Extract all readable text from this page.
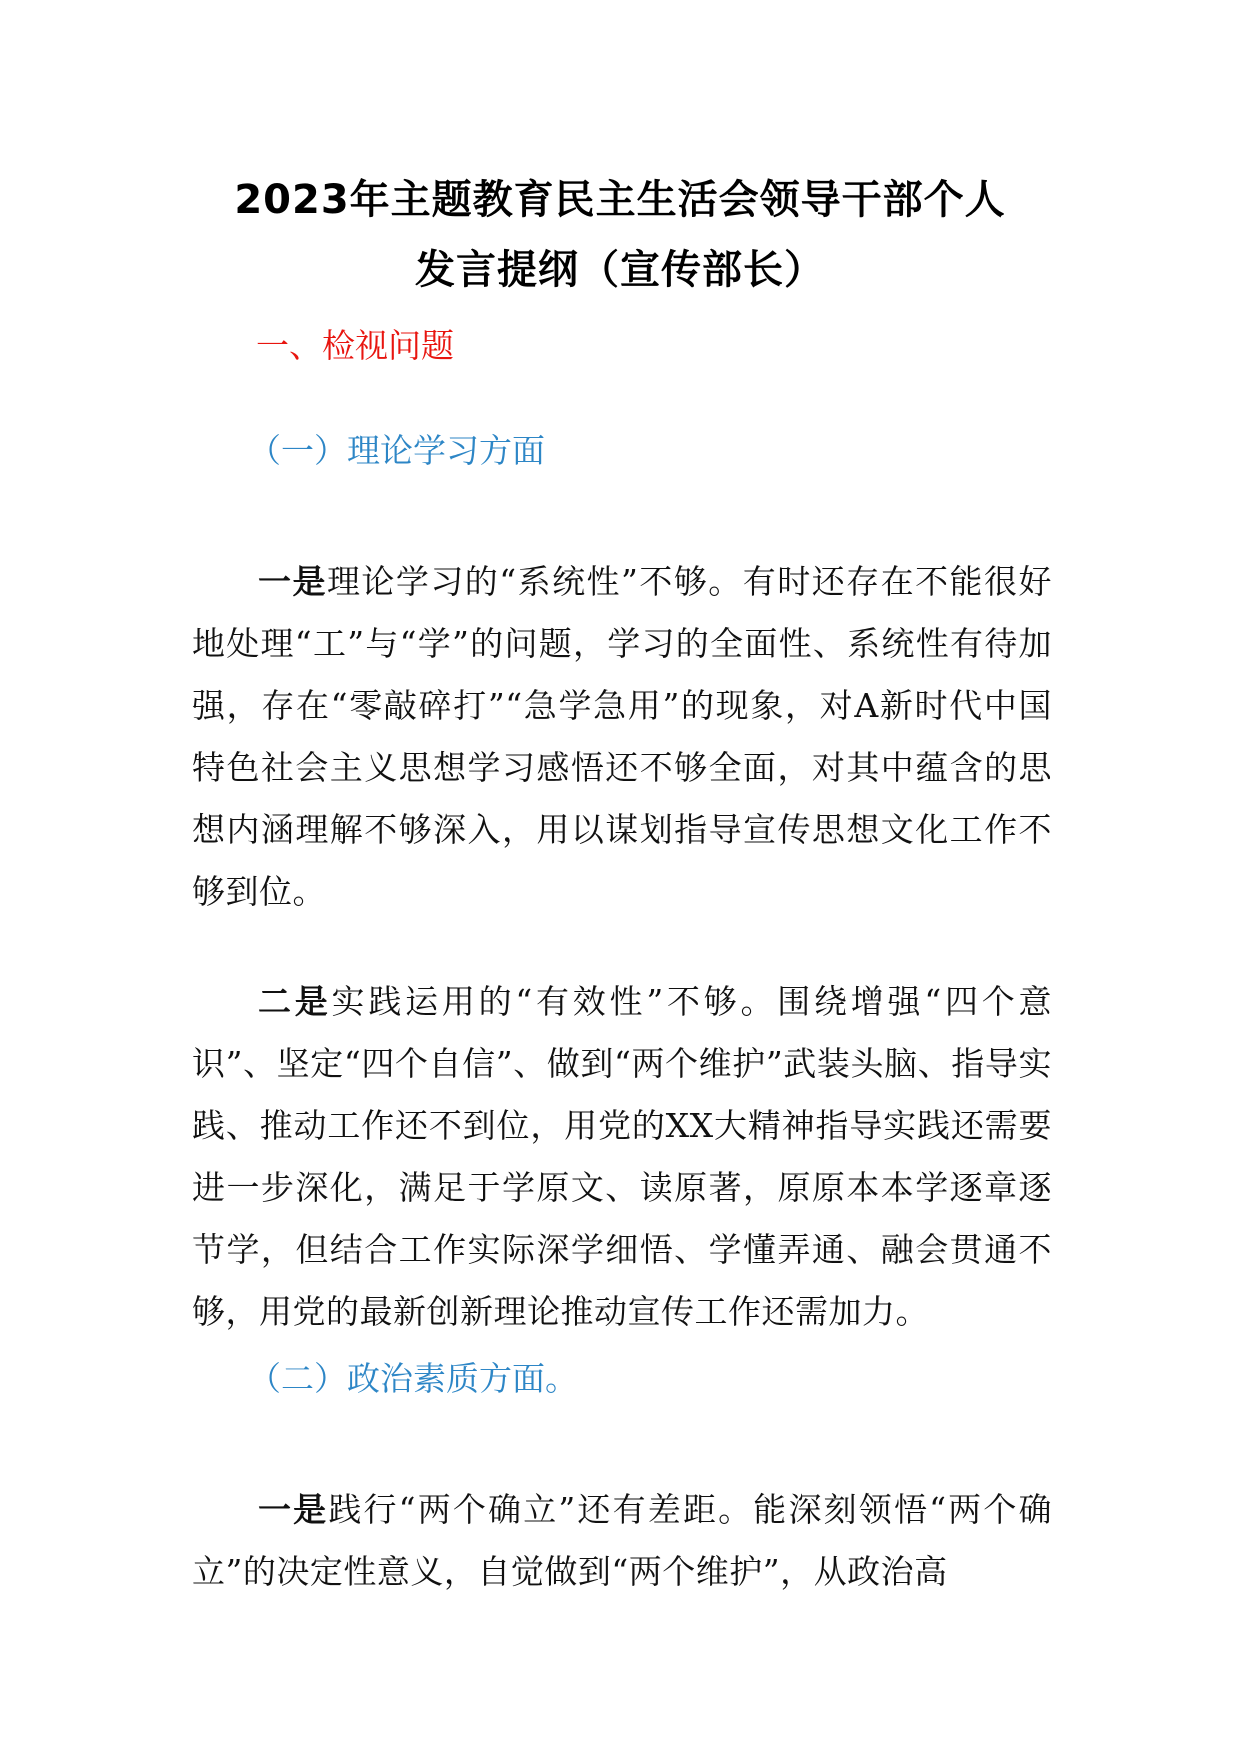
2023年主题教育民主生活会领导干部个人
发言提纲（宣传部长）
一、检视问题
（一）理论学习方面

一是理论学习的“系统性”不够。有时还存在不能很好地处理“工”与“学”的问题，学习的全面性、系统性有待加强，存在“零敲碎打”“急学急用”的现象，对A新时代中国特色社会主义思想学习感悟还不够全面，对其中蕴含的思想内涵理解不够深入，用以谋划指导宣传思想文化工作不够到位。

二是实践运用的“有效性”不够。围绕增强“四个意识”、坚定“四个自信”、做到“两个维护”武装头脑、指导实践、推动工作还不到位，用党的XX大精神指导实践还需要进一步深化，满足于学原文、读原著，原原本本学逐章逐节学，但结合工作实际深学细悟、学懂弄通、融会贯通不够，用党的最新创新理论推动宣传工作还需加力。

（二）政治素质方面。

一是践行“两个确立”还有差距。能深刻领悟“两个确立”的决定性意义，自觉做到“两个维护”，从政治高
